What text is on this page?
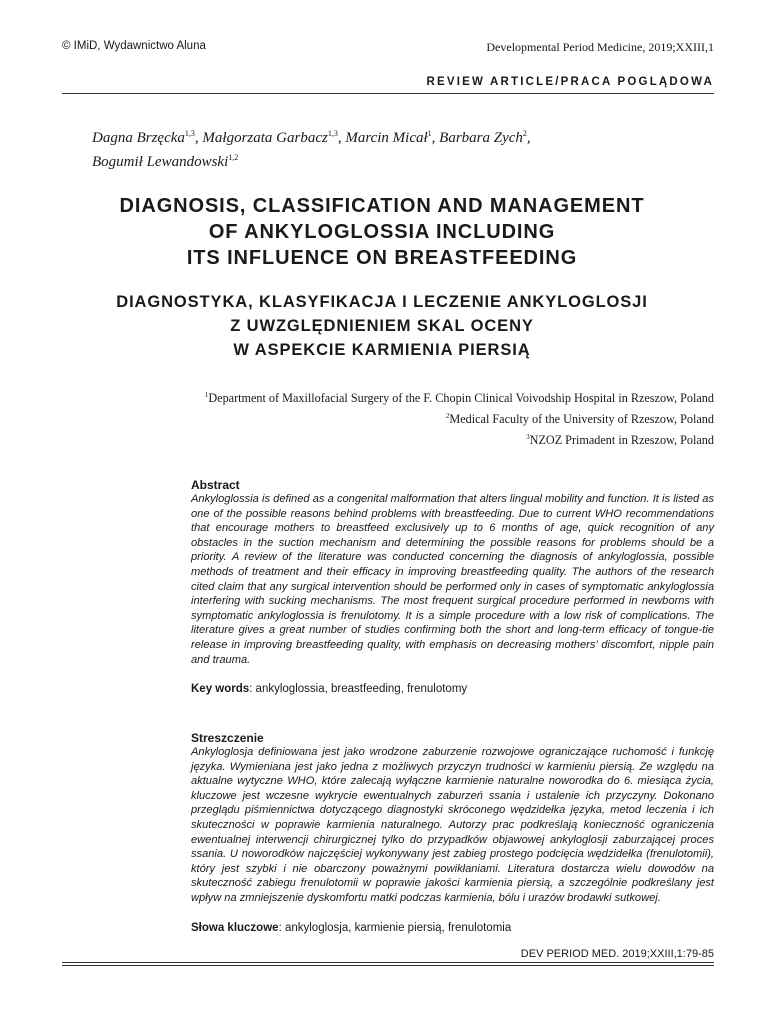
© IMiD, Wydawnictwo Aluna	Developmental Period Medicine, 2019;XXIII,1
REVIEW ARTICLE/PRACA POGLĄDOWA
Dagna Brzęcka$^{1,3}$, Małgorzata Garbacz$^{1,3}$, Marcin Micał$^1$, Barbara Zych$^2$,
Bogumił Lewandowski$^{1,2}$
DIAGNOSIS, CLASSIFICATION AND MANAGEMENT
OF ANKYLOGLOSSIA INCLUDING
ITS INFLUENCE ON BREASTFEEDING
DIAGNOSTYKA, KLASYFIKACJA I LECZENIE ANKYLOGLOSJI
Z UWZGLĘDNIENIEM SKAL OCENY
W ASPEKCIE KARMIENIA PIERSIĄ
$^1$Department of Maxillofacial Surgery of the F. Chopin Clinical Voivodship Hospital in Rzeszow, Poland
$^2$Medical Faculty of the University of Rzeszow, Poland
$^3$NZOZ Primadent in Rzeszow, Poland
Abstract
Ankyloglossia is defined as a congenital malformation that alters lingual mobility and function. It is listed as one of the possible reasons behind problems with breastfeeding. Due to current WHO recommendations that encourage mothers to breastfeed exclusively up to 6 months of age, quick recognition of any obstacles in the suction mechanism and determining the possible reasons for problems should be a priority. A review of the literature was conducted concerning the diagnosis of ankyloglossia, possible methods of treatment and their efficacy in improving breastfeeding quality. The authors of the research cited claim that any surgical intervention should be performed only in cases of symptomatic ankyloglossia interfering with sucking mechanisms. The most frequent surgical procedure performed in newborns with symptomatic ankyloglossia is frenulotomy. It is a simple procedure with a low risk of complications. The literature gives a great number of studies confirming both the short and long-term efficacy of tongue-tie release in improving breastfeeding quality, with emphasis on decreasing mothers’ discomfort, nipple pain and trauma.
Key words: ankyloglossia, breastfeeding, frenulotomy
Streszczenie
Ankyloglosja definiowana jest jako wrodzone zaburzenie rozwojowe ograniczające ruchomość i funkcję języka. Wymieniana jest jako jedna z możliwych przyczyn trudności w karmieniu piersią. Ze względu na aktualne wytyczne WHO, które zalecają wyłączne karmienie naturalne noworodka do 6. miesiąca życia, kluczowe jest wczesne wykrycie ewentualnych zaburzeń ssania i ustalenie ich przyczyny. Dokonano przeglądu piśmiennictwa dotyczącego diagnostyki skróconego wędzidełka języka, metod leczenia i ich skuteczności w poprawie karmienia naturalnego. Autorzy prac podkreślają konieczność ograniczenia ewentualnej interwencji chirurgicznej tylko do przypadków objawowej ankyloglosji zaburzającej proces ssania. U noworodków najczęściej wykonywany jest zabieg prostego podcięcia wędzidełka (frenulotomii), który jest szybki i nie obarczony poważnymi powikłaniami. Literatura dostarcza wielu dowodów na skuteczność zabiegu frenulotomii w poprawie jakości karmienia piersią, a szczególnie podkreślany jest wpływ na zmniejszenie dyskomfortu matki podczas karmienia, bólu i urazów brodawki sutkowej.
Słowa kluczowe: ankyloglosja, karmienie piersią, frenulotomia
DEV PERIOD MED. 2019;XXIII,1:79-85
